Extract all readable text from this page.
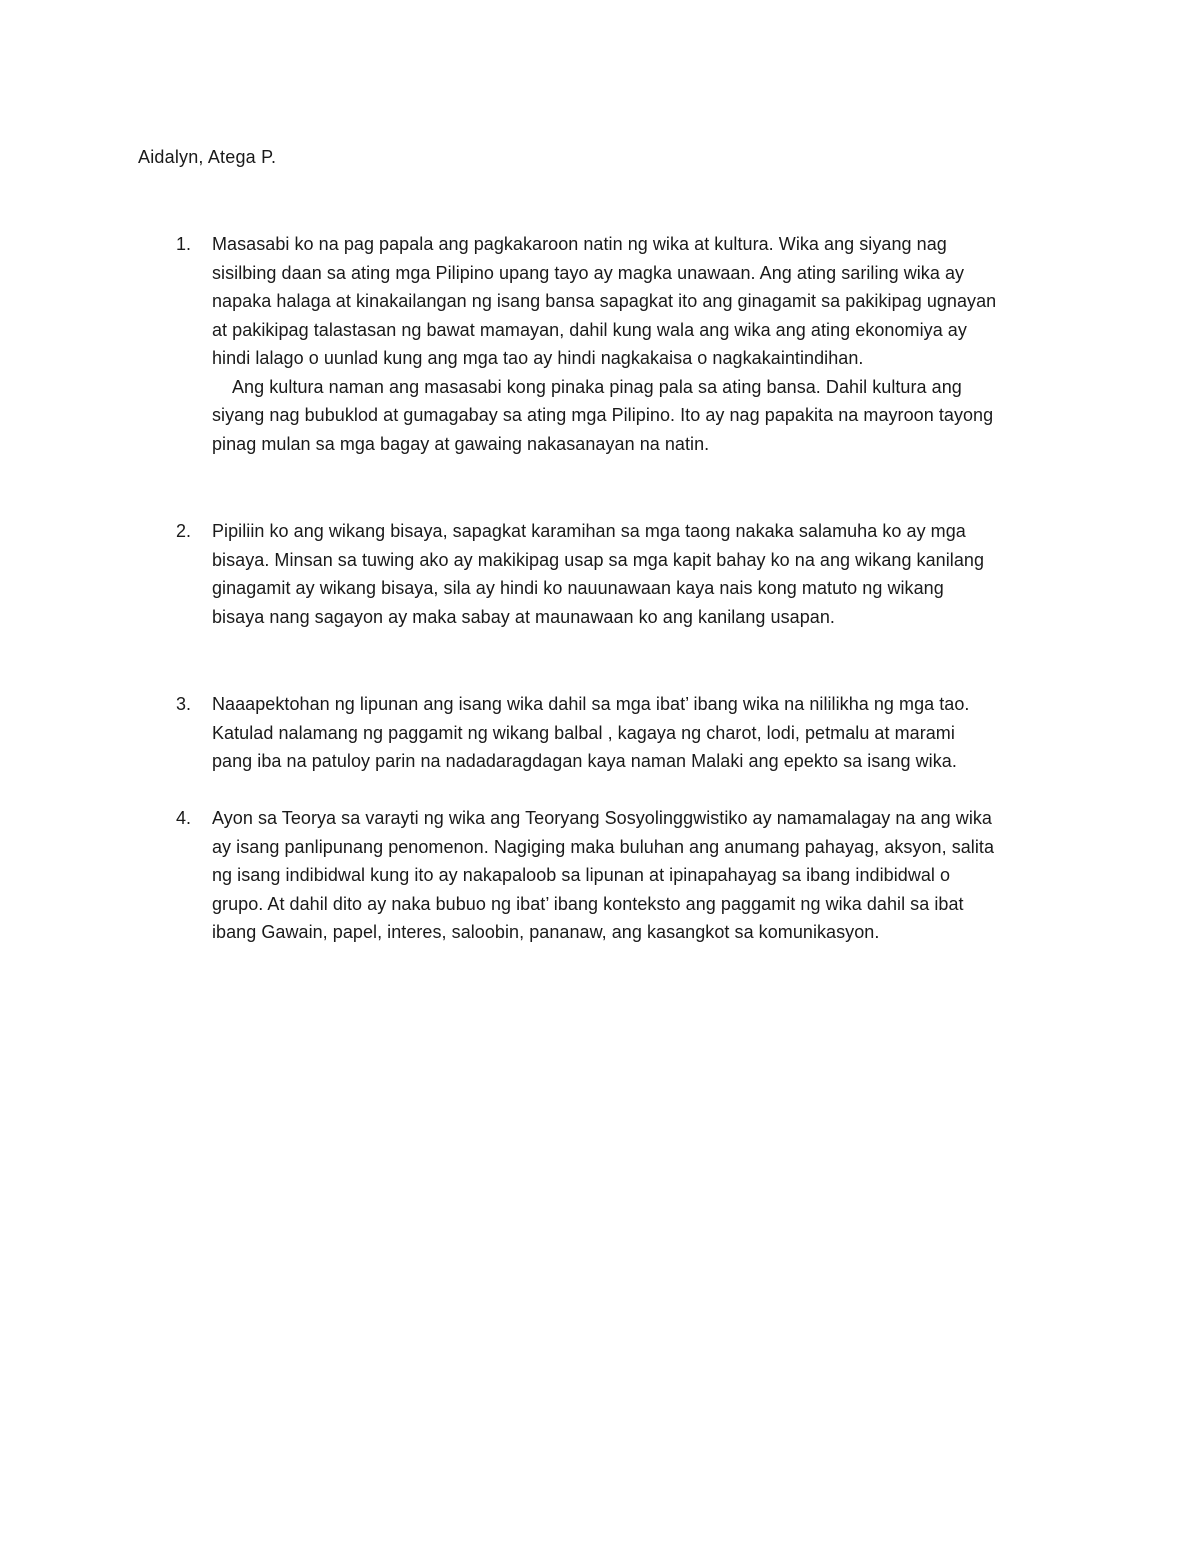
Aidalyn, Atega P.
1. Masasabi ko na pag papala ang pagkakaroon natin ng wika at kultura. Wika ang siyang nag
sisilbing daan sa ating mga Pilipino upang tayo ay magka unawaan. Ang ating sariling wika ay
napaka halaga at kinakailangan ng isang bansa sapagkat ito ang ginagamit sa pakikipag ugnayan
at pakikipag talastasan ng bawat mamayan, dahil kung wala ang wika ang ating ekonomiya ay
hindi lalago o uunlad kung ang mga tao ay hindi nagkakaisa o nagkakaintindihan.
Ang kultura naman ang masasabi kong pinaka pinag pala sa ating bansa. Dahil kultura ang
siyang nag bubuklod at gumagabay sa ating mga Pilipino. Ito ay nag papakita na mayroon tayong
pinag mulan sa mga bagay at gawaing nakasanayan na natin.
2. Pipiliin ko ang wikang bisaya, sapagkat karamihan sa mga taong nakaka salamuha ko ay mga
bisaya. Minsan sa tuwing ako ay makikipag usap sa mga kapit bahay ko na ang wikang kanilang
ginagamit ay wikang bisaya, sila ay hindi ko nauunawaan kaya nais kong matuto ng wikang
bisaya nang sagayon ay maka sabay at maunawaan ko ang kanilang usapan.
3. Naaapektohan ng lipunan ang isang wika dahil sa mga ibat’ ibang wika na nililikha ng mga tao.
Katulad nalamang ng paggamit ng wikang balbal , kagaya ng charot, lodi, petmalu at marami
pang iba na patuloy parin na nadadaragdagan kaya naman Malaki ang epekto sa isang wika.
4. Ayon sa Teorya sa varayti ng wika ang Teoryang Sosyolinggwistiko ay namamalagay na ang wika
ay isang panlipunang penomenon. Nagiging maka buluhan ang anumang pahayag, aksyon, salita
ng isang indibidwal kung ito ay nakapaloob sa lipunan at ipinapahayag sa ibang indibidwal o
grupo. At dahil dito ay naka bubuo ng ibat’ ibang konteksto ang paggamit ng wika dahil sa ibat
ibang Gawain, papel, interes, saloobin, pananaw, ang kasangkot sa komunikasyon.
